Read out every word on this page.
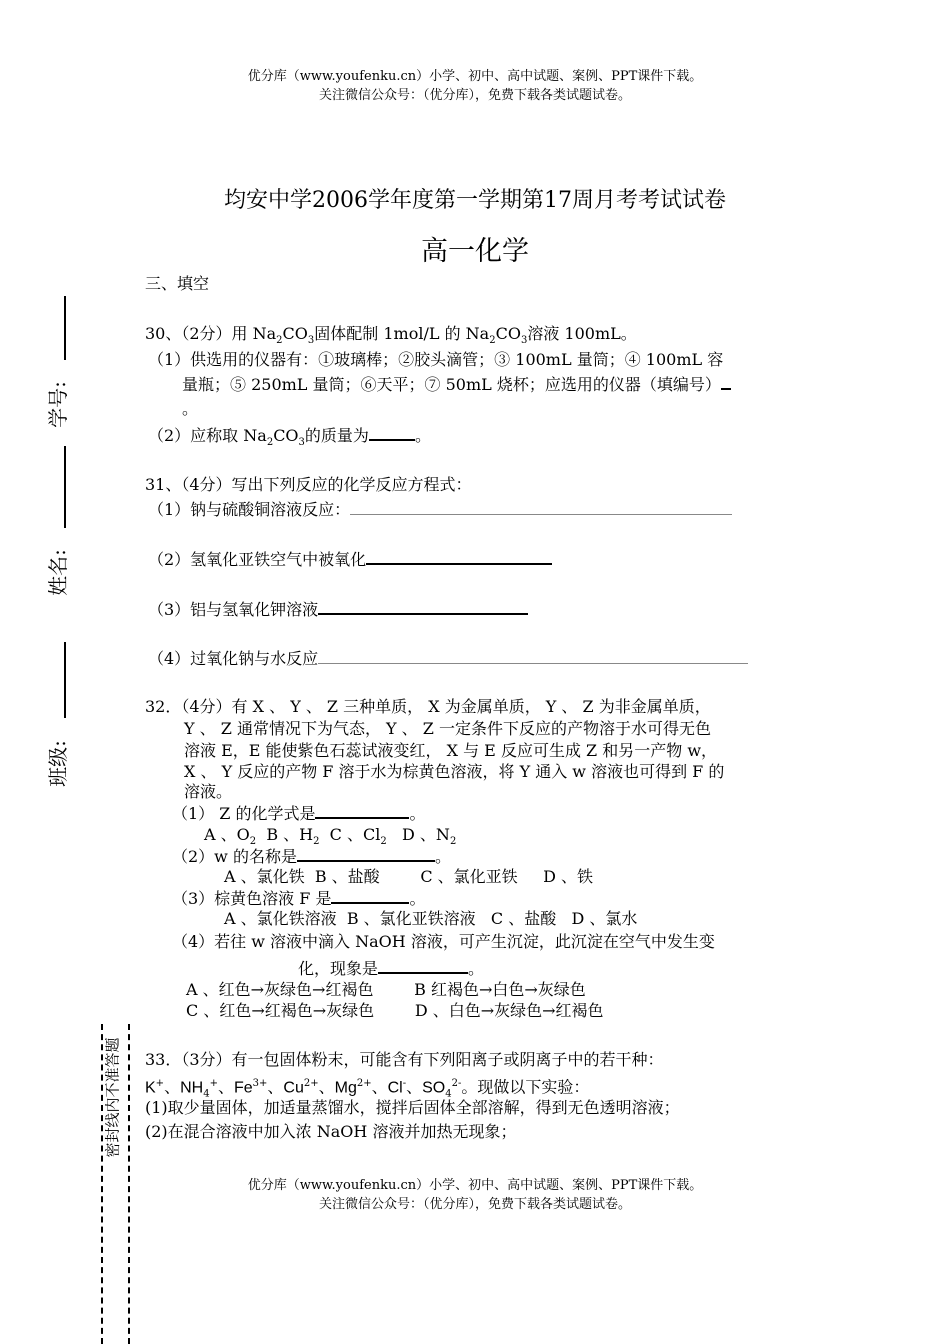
优分库（www.youfenku.cn）小学、初中、高中试题、案例、PPT课件下载。
关注微信公众号：（优分库），免费下载各类试题试卷。
均安中学2006学年度第一学期第17周月考考试试卷
高一化学
三、填空
学号:
姓名:
班级:
密封线内不准答题
30、（2分）用 $Na_2CO_3$固体配制 1mol/L 的 $Na_2CO_3$溶液 100mL。
（1）供选用的仪器有：①玻璃棒；②胶头滴管；③ 100mL 量筒；④ 100mL 容
量瓶；⑤ 250mL 量筒；⑥天平；⑦ 50mL 烧杯；应选用的仪器（填编号）
。
（2）应称取 $Na_2CO_3$的质量为	。
31、（4分）写出下列反应的化学反应方程式：
（1）钠与硫酸铜溶液反应：
（2）氢氧化亚铁空气中被氧化
（3）铝与氢氧化钾溶液
（4）过氧化钠与水反应
32．（4分）有 X 、 Y 、 Z 三种单质， X 为金属单质， Y 、 Z 为非金属单质，
Y 、 Z 通常情况下为气态， Y 、 Z 一定条件下反应的产物溶于水可得无色
溶液 E，E 能使紫色石蕊试液变红， X 与 E 反应可生成 Z 和另一产物 w，
X 、 Y 反应的产物 F 溶于水为棕黄色溶液，将 Y 通入 w 溶液也可得到 F 的
溶液。
（1） Z 的化学式是	。
A 、$O_2$ B 、$H_2$ C 、$Cl_2$ D 、$N_2$
（2）w 的名称是	。
A 、氯化铁  B 、盐酸        C 、氯化亚铁     D 、铁
（3）棕黄色溶液 F 是	。
A 、氯化铁溶液  B 、氯化亚铁溶液   C 、盐酸   D 、氯水
（4）若往 w 溶液中滴入 NaOH 溶液，可产生沉淀，此沉淀在空气中发生变
化，现象是	。
A 、红色→灰绿色→红褐色        B 红褐色→白色→灰绿色
C 、红色→红褐色→灰绿色        D 、白色→灰绿色→红褐色
33．（3分）有一包固体粉末，可能含有下列阳离子或阴离子中的若干种：
K+、$NH_4^+$、$Fe^{3+}$、$Cu^{2+}$、$Mg^{2+}$、Cl-、$SO_4^{2-}$。现做以下实验：
(1)取少量固体，加适量蒸馏水，搅拌后固体全部溶解，得到无色透明溶液；
(2)在混合溶液中加入浓 NaOH 溶液并加热无现象；
优分库（www.youfenku.cn）小学、初中、高中试题、案例、PPT课件下载。
关注微信公众号：（优分库），免费下载各类试题试卷。
